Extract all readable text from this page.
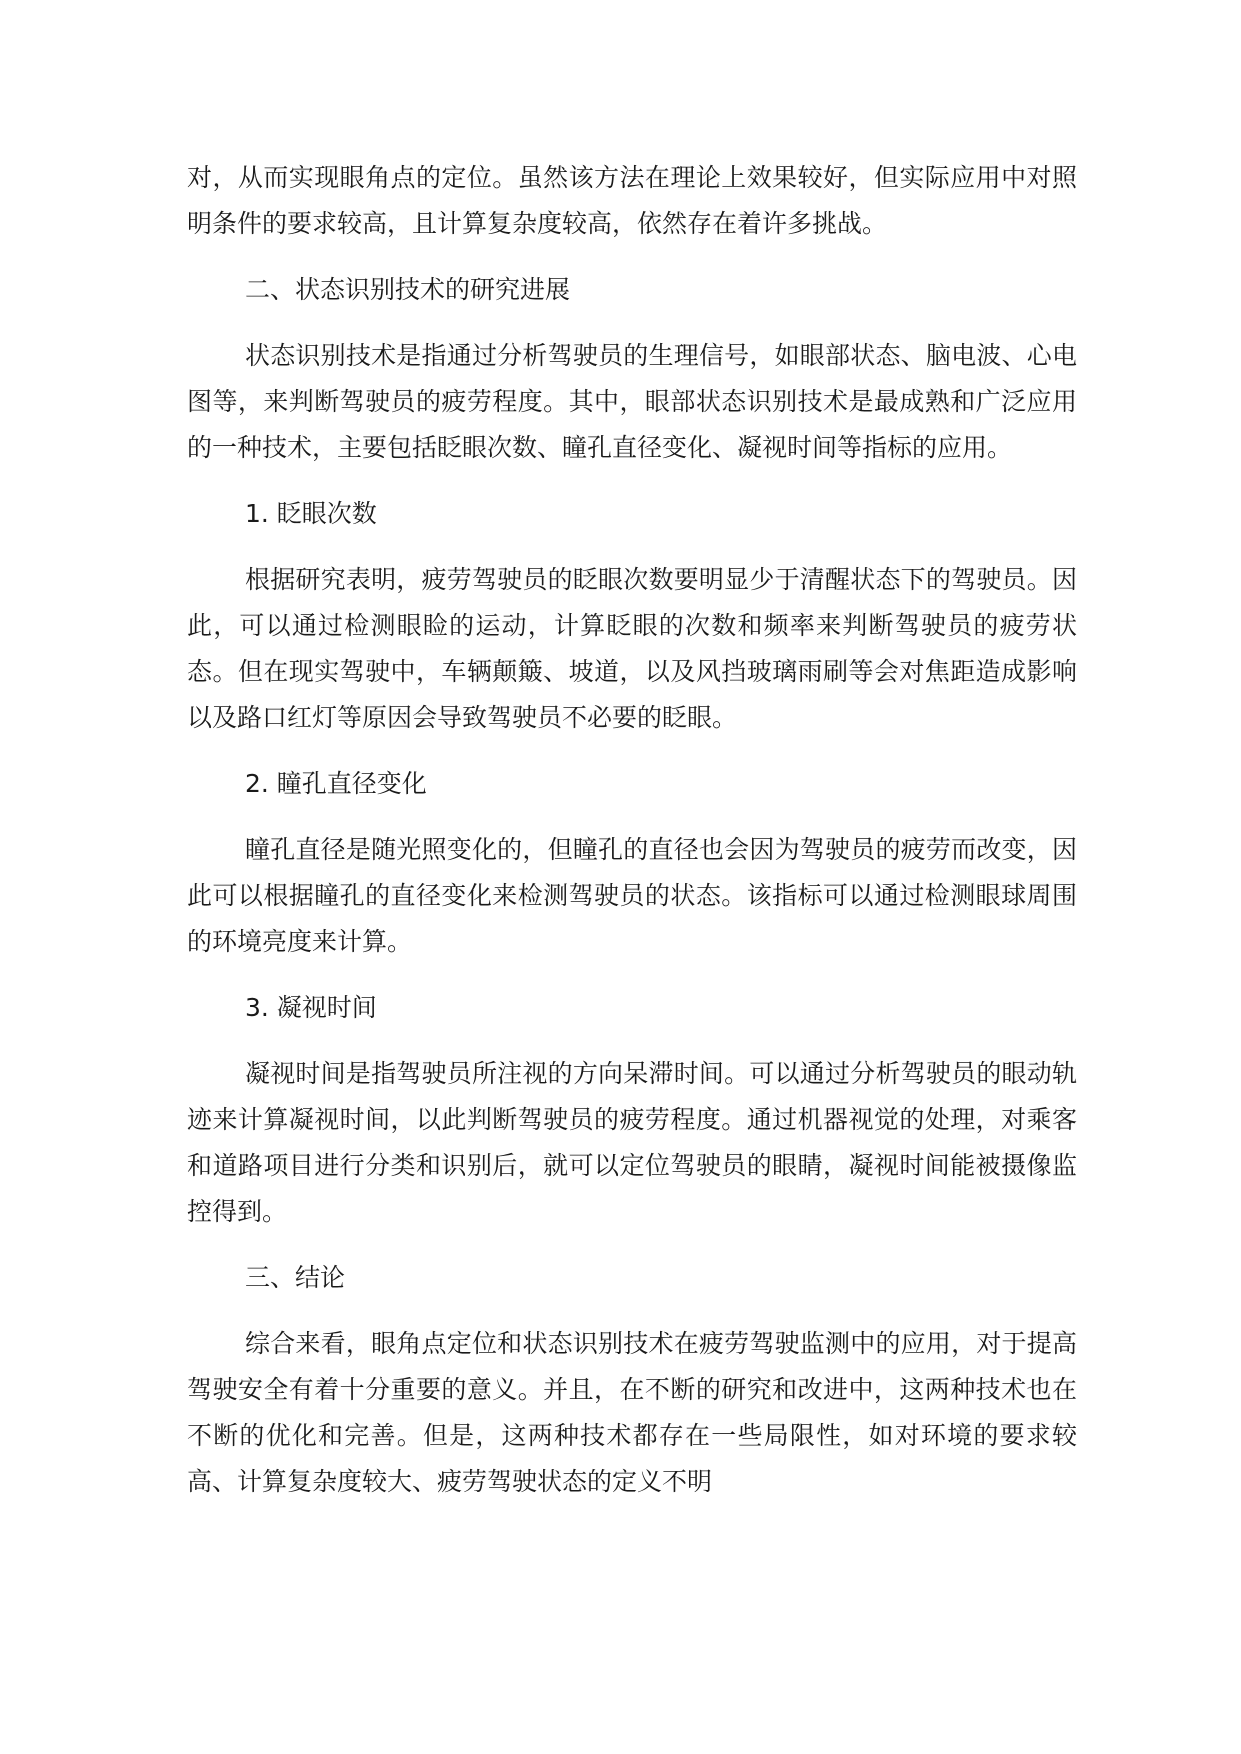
对，从而实现眼角点的定位。虽然该方法在理论上效果较好，但实际应用中对照明条件的要求较高，且计算复杂度较高，依然存在着许多挑战。

二、状态识别技术的研究进展

状态识别技术是指通过分析驾驶员的生理信号，如眼部状态、脑电波、心电图等，来判断驾驶员的疲劳程度。其中，眼部状态识别技术是最成熟和广泛应用的一种技术，主要包括眨眼次数、瞳孔直径变化、凝视时间等指标的应用。

1. 眨眼次数

根据研究表明，疲劳驾驶员的眨眼次数要明显少于清醒状态下的驾驶员。因此，可以通过检测眼睑的运动，计算眨眼的次数和频率来判断驾驶员的疲劳状态。但在现实驾驶中，车辆颠簸、坡道，以及风挡玻璃雨刷等会对焦距造成影响以及路口红灯等原因会导致驾驶员不必要的眨眼。

2. 瞳孔直径变化

瞳孔直径是随光照变化的，但瞳孔的直径也会因为驾驶员的疲劳而改变，因此可以根据瞳孔的直径变化来检测驾驶员的状态。该指标可以通过检测眼球周围的环境亮度来计算。

3. 凝视时间

凝视时间是指驾驶员所注视的方向呆滞时间。可以通过分析驾驶员的眼动轨迹来计算凝视时间，以此判断驾驶员的疲劳程度。通过机器视觉的处理，对乘客和道路项目进行分类和识别后，就可以定位驾驶员的眼睛，凝视时间能被摄像监控得到。

三、结论

综合来看，眼角点定位和状态识别技术在疲劳驾驶监测中的应用，对于提高驾驶安全有着十分重要的意义。并且，在不断的研究和改进中，这两种技术也在不断的优化和完善。但是，这两种技术都存在一些局限性，如对环境的要求较高、计算复杂度较大、疲劳驾驶状态的定义不明
